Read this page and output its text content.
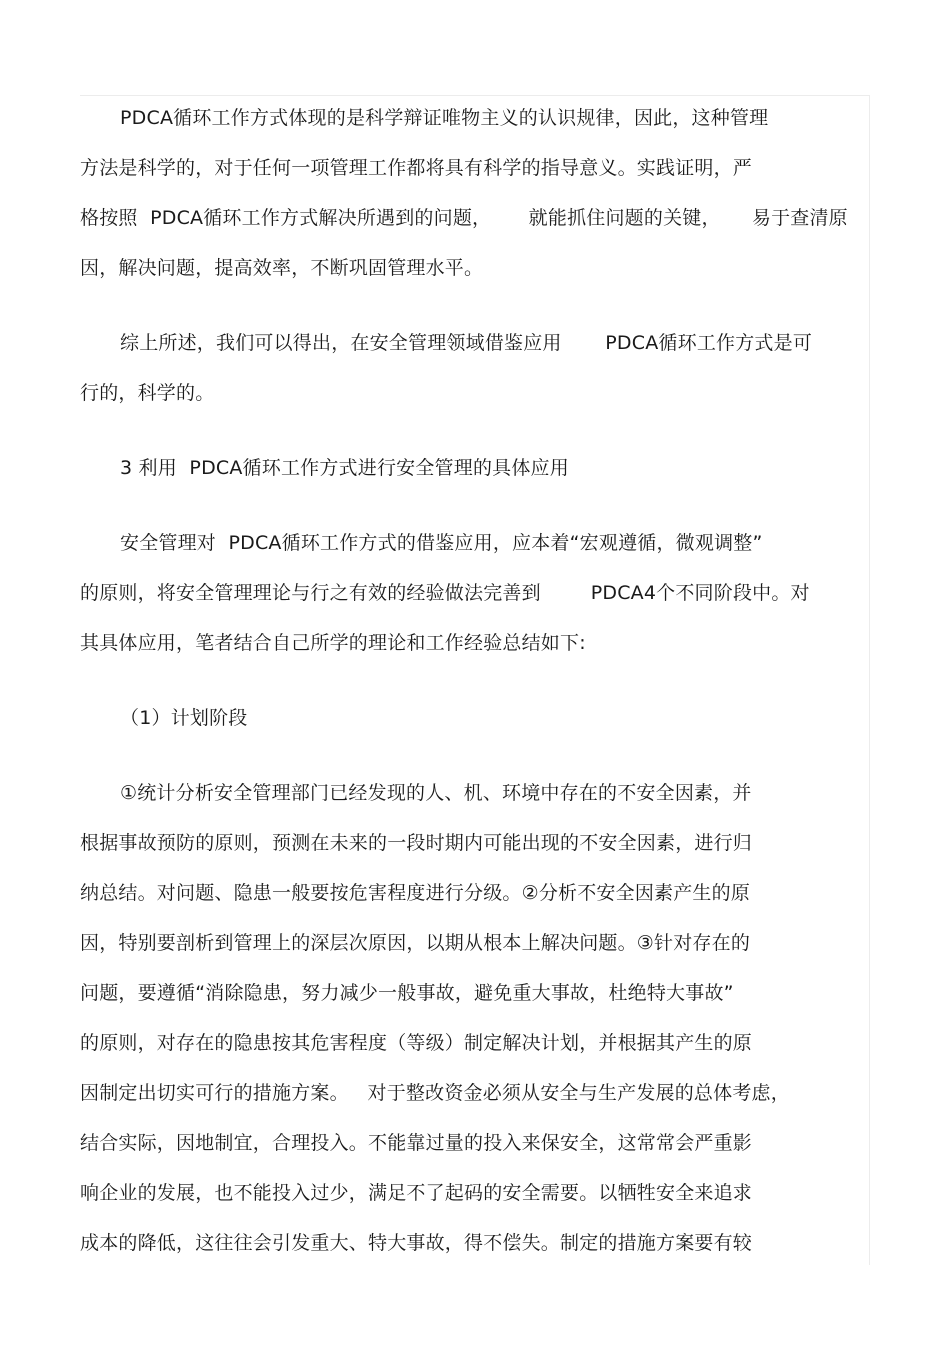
PDCA循环工作方式体现的是科学辩证唯物主义的认识规律，因此，这种管理
方法是科学的，对于任何一项管理工作都将具有科学的指导意义。实践证明，严
格按照  PDCA循环工作方式解决所遇到的问题，      就能抓住问题的关键，     易于查清原
因，解决问题，提高效率，不断巩固管理水平。
综上所述，我们可以得出，在安全管理领域借鉴应用       PDCA循环工作方式是可
行的，科学的。
3 利用  PDCA循环工作方式进行安全管理的具体应用
安全管理对  PDCA循环工作方式的借鉴应用，应本着“宏观遵循，微观调整”
的原则，将安全管理理论与行之有效的经验做法完善到        PDCA4个不同阶段中。对
其具体应用，笔者结合自己所学的理论和工作经验总结如下:
（1）计划阶段
①统计分析安全管理部门已经发现的人、机、环境中存在的不安全因素，并
根据事故预防的原则，预测在未来的一段时期内可能出现的不安全因素，进行归
纳总结。对问题、隐患一般要按危害程度进行分级。②分析不安全因素产生的原
因，特别要剖析到管理上的深层次原因，以期从根本上解决问题。③针对存在的
问题，要遵循“消除隐患，努力减少一般事故，避免重大事故，杜绝特大事故”
的原则，对存在的隐患按其危害程度（等级）制定解决计划，并根据其产生的原
因制定出切实可行的措施方案。   对于整改资金必须从安全与生产发展的总体考虑，
结合实际，因地制宜，合理投入。不能靠过量的投入来保安全，这常常会严重影
响企业的发展，也不能投入过少，满足不了起码的安全需要。以牺牲安全来追求
成本的降低，这往往会引发重大、特大事故，得不偿失。制定的措施方案要有较
